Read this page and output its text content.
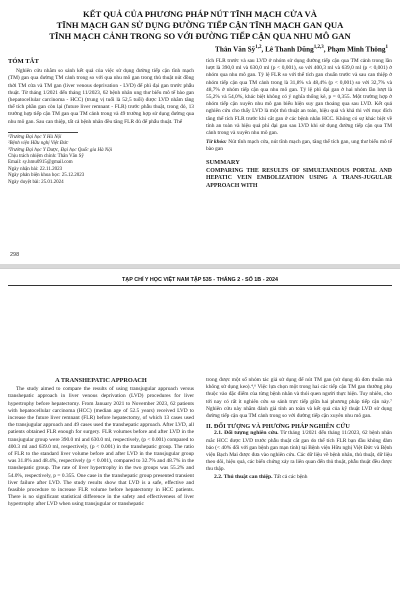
KẾT QUẢ CỦA PHƯƠNG PHÁP NÚT TĨNH MẠCH CỬA VÀ
TĨNH MẠCH GAN SỬ DỤNG ĐƯỜNG TIẾP CẬN TĨNH MẠCH GAN QUA
TĨNH MẠCH CẢNH TRONG SO VỚI ĐƯỜNG TIẾP CẬN QUA NHU MÔ GAN
Thân Văn Sỹ$^{1,2}$, Lê Thanh Dũng$^{1,2,3}$, Phạm Minh Thông$^1$
TÓM TẮT
Nghiên cứu nhằm so sánh kết quả của việc sử dụng đường tiếp cận tĩnh mạch (TM) gan qua đường TM cảnh trong so với qua nhu mô gan trong thủ thuật nút đồng thời TM cửa và TM gan (liver venous deprivation - LVD) để phì đại gan trước phẫu thuật. Từ tháng 1/2021 đến tháng 11/2023, 62 bệnh nhân ung thư biểu mô tế bào gan (hepatocellular carcinoma - HCC) (trung vị tuổi là 52,5 tuổi) được LVD nhằm tăng thể tích phần gan còn lại (future liver remnant - FLR) trước phẫu thuật, trong đó, 13 trường hợp tiếp cận TM gan qua TM cảnh trong và 49 trường hợp sử dụng đường qua nhu mô gan. Sau can thiệp, tất cả bệnh nhân đều tăng FLR đủ để phẫu thuật. Thể
¹Trường Đại học Y Hà Nội
²Bệnh viện Hữu nghị Việt Đức
³Trường Đại học Y Dược, Đại học Quốc gia Hà Nội
Chịu trách nhiệm chính: Thân Văn Sỹ
Email: sy.hmu0915@gmail.com
Ngày nhận bài: 22.11.2023
Ngày phản biện khoa học: 25.12.2023
Ngày duyệt bài: 25.01.2024
tích FLR trước và sau LVD ở nhóm sử dụng đường tiếp cận qua TM cảnh trong lần lượt là 390,0 ml và 630,0 ml (p < 0,001), so với 400,3 ml và 639,0 ml (p < 0,001) ở nhóm qua nhu mô gan. Tỷ lệ FLR so với thể tích gan chuẩn trước và sau can thiệp ở nhóm tiếp cận qua TM cảnh trong là 31,8% và 48,4% (p < 0,001) so với 32,7% và 48,7% ở nhóm tiếp cận qua nhu mô gan. Tỷ lệ phì đại gan ở hai nhóm lần lượt là 55,2% và 54,0%, khác biệt không có ý nghĩa thống kê, p = 0,355. Một trường hợp ở nhóm tiếp cận xuyên nhu mô gan biểu hiện suy gan thoáng qua sau LVD. Kết quả nghiên cứu cho thấy LVD là một thủ thuật an toàn, hiệu quả và khả thi với mục đích tăng thể tích FLR trước khi cắt gan ở các bệnh nhân HCC. Không có sự khác biệt về tính an toàn và hiệu quả phì đại gan sau LVD khi sử dụng đường tiếp cận qua TM cảnh trong và xuyên nhu mô gan.
Từ khóa: Nút tĩnh mạch cửa, nút tĩnh mạch gan, tăng thể tích gan, ung thư biểu mô tế bào gan
SUMMARY
COMPARING THE RESULTS OF SIMULTANEOUS PORTAL AND HEPATIC VEIN EMBOLIZATION USING A TRANS-JUGULAR APPROACH WITH
298
TẠP CHÍ Y HỌC VIỆT NAM TẬP 535 - THÁNG 2 - SỐ 1B - 2024
A TRANSHEPATIC APPROACH
The study aimed to compare the results of using transjugular approach versus transhepatic approach in liver venous deprivation (LVD) procedures for liver hypertrophy before hepatectomy. From January 2021 to November 2023, 62 patients with hepatocellular carcinoma (HCC) (median age of 52.5 years) received LVD to increase the future liver remnant (FLR) before hepatectomy, of which 13 cases used the transjugular approach and 49 cases used the transhepatic approach. After LVD, all patients obtained FLR enough for surgery. FLR volumes before and after LVD in the transjugular group were 390.0 ml and 630.0 ml, respectively, (p < 0.001) compared to 400.3 ml and 639.0 ml, respectively, (p < 0.001) in the transhepatic group. The ratio of FLR to the standard liver volume before and after LVD in the transjugular group was 31.8% and 48.4%, respectively (p < 0.001), compared to 32.7% and 48.7% in the transhepatic group. The rate of liver hypertrophy in the two groups was 55.2% and 54.0%, respectively, p = 0.355. One case in the transhepatic group presented transient liver failure after LVD. The study results show that LVD is a safe, effective and feasible procedure to increase FLR volume before hepatectomy in HCC patients. There is no significant statistical difference in the safety and effectiveness of liver hypertrophy after LVD when using transjugular or transhepatic
trong được một số nhóm tác giả sử dụng để nút TM gan (sử dụng dù đơn thuần mà không sử dụng keo).⁴,⁶ Việc lựa chọn một trong hai các tiếp cận TM gan thường phụ thuộc vào đặc điểm của từng bệnh nhân và thói quen người thực hiện. Tuy nhiên, cho tới nay có rất ít nghiên cứu so sánh trực tiếp giữa hai phương pháp tiếp cận này.⁷ Nghiên cứu này nhằm đánh giá tính an toàn và kết quả của kỹ thuật LVD sử dụng đường tiếp cận qua TM cảnh trong so với đường tiếp cận xuyên nhu mô gan.
II. ĐỐI TƯỢNG VÀ PHƯƠNG PHÁP NGHIÊN CỨU
2.1. Đối tượng nghiên cứu. Từ tháng 1/2021 đến tháng 11/2023, 62 bệnh nhân mắc HCC được LVD trước phẫu thuật cắt gan do thể tích FLR bạn đầu không đảm bảo (< 40% đối với gan bệnh gan mạn tính) tại Bệnh viện Hữu nghị Việt Đức và Bệnh viện Bạch Mai được đưa vào nghiên cứu. Các dữ liệu về bệnh nhân, thủ thuật, dữ liệu theo dõi, hiệu quả, các biến chứng xảy ra liên quan đến thủ thuật, phẫu thuật đều được thu thập.
2.2. Thủ thuật can thiệp. Tất cả các bệnh
